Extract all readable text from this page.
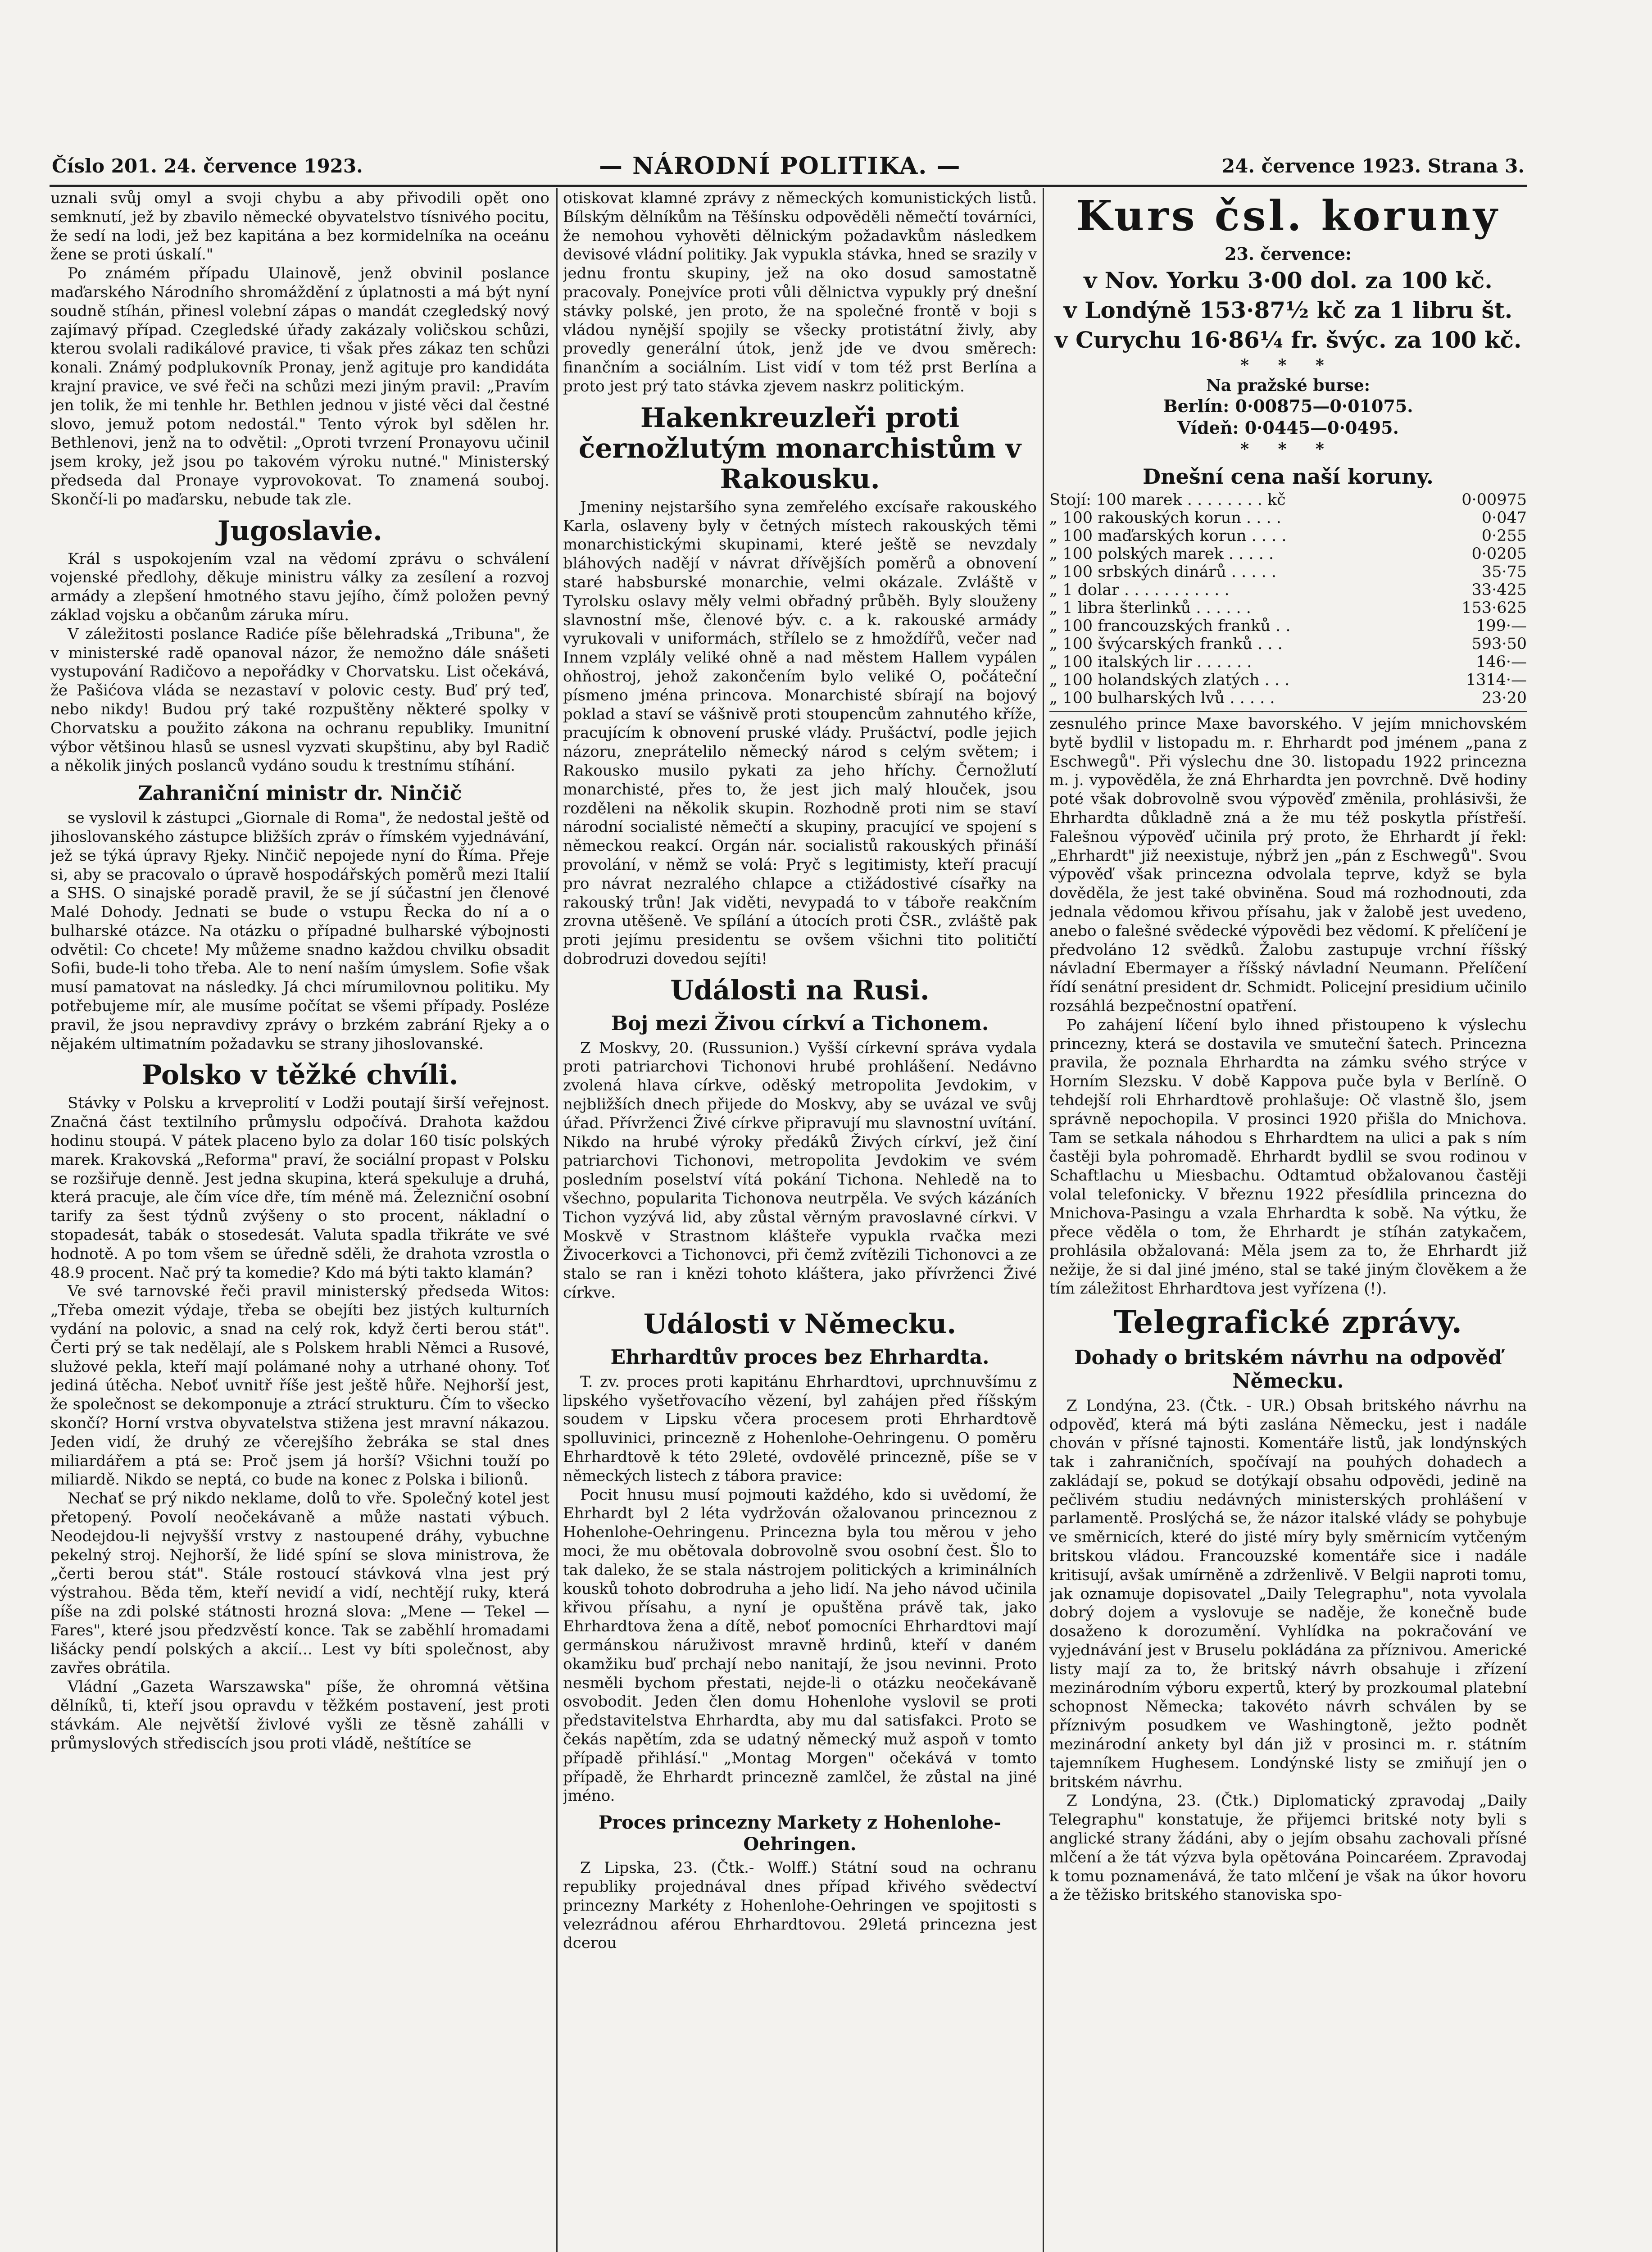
Číslo 201. 24. července 1923.	— NÁRODNÍ POLITIKA. —	24. července 1923. Strana 3.

uznali svůj omyl a svoji chybu a aby přivodili opět ono semknutí, jež by zbavilo německé obyvatelstvo tísnivého pocitu, že sedí na lodi, jež bez kapitána a bez kormidelníka na oceánu žene se proti úskalí."

Po známém případu Ulainově, jenž obvinil poslance maďarského Národního shromáždění z úplatnosti a má být nyní soudně stíhán, přinesl volební zápas o mandát czegledský nový zajímavý případ. Czegledské úřady zakázaly voličskou schůzi, kterou svolali radikálové pravice, ti však přes zákaz ten schůzi konali. Známý podplukovník Pronay, jenž agituje pro kandidáta krajní pravice, ve své řeči na schůzi mezi jiným pravil: „Pravím jen tolik, že mi tenhle hr. Bethlen jednou v jisté věci dal čestné slovo, jemuž potom nedostál." Tento výrok byl sdělen hr. Bethlenovi, jenž na to odvětil: „Oproti tvrzení Pronayovu učinil jsem kroky, jež jsou po takovém výroku nutné." Ministerský předseda dal Pronaye vyprovokovat. To znamená souboj. Skončí-li po maďarsku, nebude tak zle.

Jugoslavie.

Král s uspokojením vzal na vědomí zprávu o schválení vojenské předlohy, děkuje ministru války za zesílení a rozvoj armády a zlepšení hmotného stavu jejího, čímž položen pevný základ vojsku a občanům záruka míru.

V záležitosti poslance Radiće píše bělehradská „Tribuna", že v ministerské radě opanoval názor, že nemožno dále snášeti vystupování Radičovo a nepořádky v Chorvatsku. List očekává, že Pašićova vláda se nezastaví v polovic cesty. Buď prý teď, nebo nikdy! Budou prý také rozpuštěny některé spolky v Chorvatsku a použito zákona na ochranu republiky. Imunitní výbor většinou hlasů se usnesl vyzvati skupštinu, aby byl Radič a několik jiných poslanců vydáno soudu k trestnímu stíhání.

Zahraniční ministr dr. Ninčič

se vyslovil k zástupci „Giornale di Roma", že nedostal ještě od jihoslovanského zástupce bližších zpráv o římském vyjednávání, jež se týká úpravy Rjeky. Ninčič nepojede nyní do Říma. Přeje si, aby se pracovalo o úpravě hospodářských poměrů mezi Italií a SHS. O sinajské poradě pravil, že se jí súčastní jen členové Malé Dohody. Jednati se bude o vstupu Řecka do ní a o bulharské otázce. Na otázku o případné bulharské výbojnosti odvětil: Co chcete! My můžeme snadno každou chvilku obsadit Sofii, bude-li toho třeba. Ale to není naším úmyslem. Sofie však musí pamatovat na následky. Já chci mírumilovnou politiku. My potřebujeme mír, ale musíme počítat se všemi případy. Posléze pravil, že jsou nepravdivy zprávy o brzkém zabrání Rjeky a o nějakém ultimatním požadavku se strany jihoslovanské.

Polsko v těžké chvíli.

Stávky v Polsku a krveprolití v Lodži poutají širší veřejnost. Značná část textilního průmyslu odpočívá. Drahota každou hodinu stoupá. V pátek placeno bylo za dolar 160 tisíc polských marek. Krakovská „Reforma" praví, že sociální propast v Polsku se rozšiřuje denně. Jest jedna skupina, která spekuluje a druhá, která pracuje, ale čím více dře, tím méně má. Železniční osobní tarify za šest týdnů zvýšeny o sto procent, nákladní o stopadesát, tabák o stosedesát. Valuta spadla třikráte ve své hodnotě. A po tom všem se úředně sděli, že drahota vzrostla o 48.9 procent. Nač prý ta komedie? Kdo má býti takto klamán?

Ve své tarnovské řeči pravil ministerský předseda Witos: „Třeba omezit výdaje, třeba se obejíti bez jistých kulturních vydání na polovic, a snad na celý rok, když čerti berou stát". Čerti prý se tak nedělají, ale s Polskem hrabli Němci a Rusové, služové pekla, kteří mají polámané nohy a utrhané ohony. Toť jediná útěcha. Neboť uvnitř říše jest ještě hůře. Nejhorší jest, že společnost se dekomponuje a ztrácí strukturu. Čím to všecko skončí? Horní vrstva obyvatelstva stižena jest mravní nákazou. Jeden vidí, že druhý ze včerejšího žebráka se stal dnes miliardářem a ptá se: Proč jsem já horší? Všichni touží po miliardě. Nikdo se neptá, co bude na konec z Polska i bilionů.

Nechať se prý nikdo neklame, dolů to vře. Společný kotel jest přetopený. Povolí neočekávaně a může nastati výbuch. Neodejdou-li nejvyšší vrstvy z nastoupené dráhy, vybuchne pekelný stroj. Nejhorší, že lidé spíní se slova ministrova, že „čerti berou stát". Stále rostoucí stávková vlna jest prý výstrahou. Běda těm, kteří nevidí a vidí, nechtějí ruky, která píše na zdi polské státnosti hrozná slova: „Mene — Tekel — Fares", které jsou předzvěstí konce. Tak se zaběhlí hromadami lišácky pendí polských a akcií... Lest vy bíti společnost, aby zavřes obrátila.

Vládní „Gazeta Warszawska" píše, že ohromná většina dělníků, ti, kteří jsou opravdu v těžkém postavení, jest proti stávkám. Ale největší živlové vyšli ze těsně zahálli v průmyslových střediscích jsou proti vládě, neštítíce se

otiskovat klamné zprávy z německých komunistických listů. Bílským dělníkům na Těšínsku odpověděli němečtí továrníci, že nemohou vyhověti dělnickým požadavkům následkem devisové vládní politiky. Jak vypukla stávka, hned se srazily v jednu frontu skupiny, jež na oko dosud samostatně pracovaly. Ponejvíce proti vůli dělnictva vypukly prý dnešní stávky polské, jen proto, že na společné frontě v boji s vládou nynější spojily se všecky protistátní živly, aby provedly generální útok, jenž jde ve dvou směrech: finančním a sociálním. List vidí v tom též prst Berlína a proto jest prý tato stávka zjevem naskrz politickým.

Hakenkreuzleři proti černožlutým monarchistům v Rakousku.

Jmeniny nejstaršího syna zemřelého excísaře rakouského Karla, oslaveny byly v četných místech rakouských těmi monarchistickými skupinami, které ještě se nevzdaly bláhových nadějí v návrat dřívějších poměrů a obnovení staré habsburské monarchie, velmi okázale. Zvláště v Tyrolsku oslavy měly velmi obřadný průběh. Byly slouženy slavnostní mše, členové býv. c. a k. rakouské armády vyrukovali v uniformách, střílelo se z hmoždířů, večer nad Innem vzplály veliké ohně a nad městem Hallem vypálen ohňostroj, jehož zakončením bylo veliké O, počáteční písmeno jména princova. Monarchisté sbírají na bojový poklad a staví se vášnivě proti stoupencům zahnutého kříže, pracujícím k obnovení pruské vlády. Prušáctví, podle jejich názoru, zneprátelilo německý národ s celým světem; i Rakousko musilo pykati za jeho hříchy. Černožlutí monarchisté, přes to, že jest jich malý hlouček, jsou rozděleni na několik skupin. Rozhodně proti nim se staví národní socialisté němečtí a skupiny, pracující ve spojení s německou reakcí. Orgán nár. socialistů rakouských přináší provolání, v němž se volá: Pryč s legitimisty, kteří pracují pro návrat nezralého chlapce a ctižádostivé císařky na rakouský trůn! Jak viděti, nevypadá to v táboře reakčním zrovna utěšeně. Ve spílání a útocích proti ČSR., zvláště pak proti jejímu presidentu se ovšem všichni tito političtí dobrodruzi dovedou sejíti!

Události na Rusi.
Boj mezi Živou církví a Tichonem.

Z Moskvy, 20. (Russunion.) Vyšší církevní správa vydala proti patriarchovi Tichonovi hrubé prohlášení. Nedávno zvolená hlava církve, oděský metropolita Jevdokim, v nejbližších dnech přijede do Moskvy, aby se uvázal ve svůj úřad. Přívrženci Živé církve připravují mu slavnostní uvítání. Nikdo na hrubé výroky předáků Živých církví, jež činí patriarchovi Tichonovi, metropolita Jevdokim ve svém posledním poselství vítá pokání Tichona. Nehledě na to všechno, popularita Tichonova neutrpěla. Ve svých kázáních Tichon vyzývá lid, aby zůstal věrným pravoslavné církvi. V Moskvě v Strastnom klášteře vypukla rvačka mezi Živocerkovci a Tichonovci, při čemž zvítězili Tichonovci a ze stalo se ran i knězi tohoto kláštera, jako přívrženci Živé církve.

Události v Německu.
Ehrhardtův proces bez Ehrhardta.

T. zv. proces proti kapitánu Ehrhardtovi, uprchnuvšímu z lipského vyšetřovacího vězení, byl zahájen před říšským soudem v Lipsku včera procesem proti Ehrhardtově spolluvinici, princezně z Hohenlohe-Oehringenu. O poměru Ehrhardtově k této 29leté, ovdovělé princezně, píše se v německých listech z tábora pravice:

Pocit hnusu musí pojmouti každého, kdo si uvědomí, že Ehrhardt byl 2 léta vydržován ožalovanou princeznou z Hohenlohe-Oehringenu. Princezna byla tou měrou v jeho moci, že mu obětovala dobrovolně svou osobní čest. Šlo to tak daleko, že se stala nástrojem politických a kriminálních kousků tohoto dobrodruha a jeho lidí. Na jeho návod učinila křivou přísahu, a nyní je opuštěna právě tak, jako Ehrhardtova žena a dítě, neboť pomocníci Ehrhardtovi mají germánskou náruživost mravně hrdinů, kteří v daném okamžiku buď prchají nebo nanitají, že jsou nevinni. Proto nesměli bychom přestati, nejde-li o otázku neočekávaně osvobodit. Jeden člen domu Hohenlohe vyslovil se proti představitelstva Ehrhardta, aby mu dal satisfakci. Proto se čekás napětím, zda se udatný německý muž aspoň v tomto případě přihlásí." „Montag Morgen" očekává v tomto případě, že Ehrhardt princezně zamlčel, že zůstal na jiné jméno.

Proces princezny Markety z Hohenlohe-Oehringen.

Z Lipska, 23. (Čtk.- Wolff.) Státní soud na ochranu republiky projednával dnes případ křivého svědectví princezny Markéty z Hohenlohe-Oehringen ve spojitosti s velezrádnou aférou Ehrhardtovou. 29letá princezna jest dcerou

Kurs čsl. koruny
23. července:
v Nov. Yorku 3·00 dol. za 100 kč.
v Londýně 153·87½ kč za 1 libru št.
v Curychu 16·86¼ fr. švýc. za 100 kč.
* * *
Na pražské burse:
Berlín: 0·00875—0·01075.
Vídeň: 0·0445—0·0495.
* * *
Dnešní cena naší koruny.
Stojí: 100 marek . . . . . . . . kč	0·00975
„ 100 rakouských korun . . . .	0·047
„ 100 maďarských korun . . . .	0·255
„ 100 polských marek . . . . .	0·0205
„ 100 srbských dinárů . . . . .	35·75
„ 1 dolar . . . . . . . . . . .	33·425
„ 1 libra šterlinků . . . . . .	153·625
„ 100 francouzských franků . .	199·—
„ 100 švýcarských franků . . .	593·50
„ 100 italských lir . . . . . .	146·—
„ 100 holandských zlatých . . .	1314·—
„ 100 bulharských lvů . . . . .	23·20

zesnulého prince Maxe bavorského. V jejím mnichovském bytě bydlil v listopadu m. r. Ehrhardt pod jménem „pana z Eschwegů". Při výslechu dne 30. listopadu 1922 princezna m. j. vypověděla, že zná Ehrhardta jen povrchně. Dvě hodiny poté však dobrovolně svou výpověď změnila, prohlásivši, že Ehrhardta důkladně zná a že mu též poskytla přístřeší. Falešnou výpověď učinila prý proto, že Ehrhardt jí řekl: „Ehrhardt" již neexistuje, nýbrž jen „pán z Eschwegů". Svou výpověď však princezna odvolala teprve, když se byla dověděla, že jest také obviněna. Soud má rozhodnouti, zda jednala vědomou křivou přísahu, jak v žalobě jest uvedeno, anebo o falešné svědecké výpovědi bez vědomí. K přelíčení je předvoláno 12 svědků. Žalobu zastupuje vrchní říšský návladní Ebermayer a říšský návladní Neumann. Přelíčení řídí senátní president dr. Schmidt. Policejní presidium učinilo rozsáhlá bezpečnostní opatření.

Po zahájení líčení bylo ihned přistoupeno k výslechu princezny, která se dostavila ve smuteční šatech. Princezna pravila, že poznala Ehrhardta na zámku svého strýce v Horním Slezsku. V době Kappova puče byla v Berlíně. O tehdejší roli Ehrhardtově prohlašuje: Oč vlastně šlo, jsem správně nepochopila. V prosinci 1920 přišla do Mnichova. Tam se setkala náhodou s Ehrhardtem na ulici a pak s ním častěji byla pohromadě. Ehrhardt bydlil se svou rodinou v Schaftlachu u Miesbachu. Odtamtud obžalovanou častěji volal telefonicky. V březnu 1922 přesídlila princezna do Mnichova-Pasingu a vzala Ehrhardta k sobě. Na výtku, že přece věděla o tom, že Ehrhardt je stíhán zatykačem, prohlásila obžalovaná: Měla jsem za to, že Ehrhardt již nežije, že si dal jiné jméno, stal se také jiným člověkem a že tím záležitost Ehrhardtova jest vyřízena (!).

Telegrafické zprávy.
Dohady o britském návrhu na odpověď Německu.

Z Londýna, 23. (Čtk. - UR.) Obsah britského návrhu na odpověď, která má býti zaslána Německu, jest i nadále chován v přísné tajnosti. Komentáře listů, jak londýnských tak i zahraničních, spočívají na pouhých dohadech a zakládají se, pokud se dotýkají obsahu odpovědi, jedině na pečlivém studiu nedávných ministerských prohlášení v parlamentě. Proslýchá se, že názor italské vlády se pohybuje ve směrnicích, které do jisté míry byly směrnicím vytčeným britskou vládou. Francouzské komentáře sice i nadále kritisují, avšak umírněně a zdrženlivě. V Belgii naproti tomu, jak oznamuje dopisovatel „Daily Telegraphu", nota vyvolala dobrý dojem a vyslovuje se naděje, že konečně bude dosaženo k dorozumění. Vyhlídka na pokračování ve vyjednávání jest v Bruselu pokládána za příznivou. Americké listy mají za to, že britský návrh obsahuje i zřízení mezinárodním výboru expertů, který by prozkoumal platební schopnost Německa; takovéto návrh schválen by se příznivým posudkem ve Washingtoně, ježto podnět mezinárodní ankety byl dán již v prosinci m. r. státním tajemníkem Hughesem. Londýnské listy se zmiňují jen o britském návrhu.

Z Londýna, 23. (Čtk.) Diplomatický zpravodaj „Daily Telegraphu" konstatuje, že přijemci britské noty byli s anglické strany žádáni, aby o jejím obsahu zachovali přísné mlčení a že tát výzva byla opětována Poincaréem. Zpravodaj k tomu poznamenává, že tato mlčení je však na úkor hovoru a že těžisko britského stanoviska spo-
